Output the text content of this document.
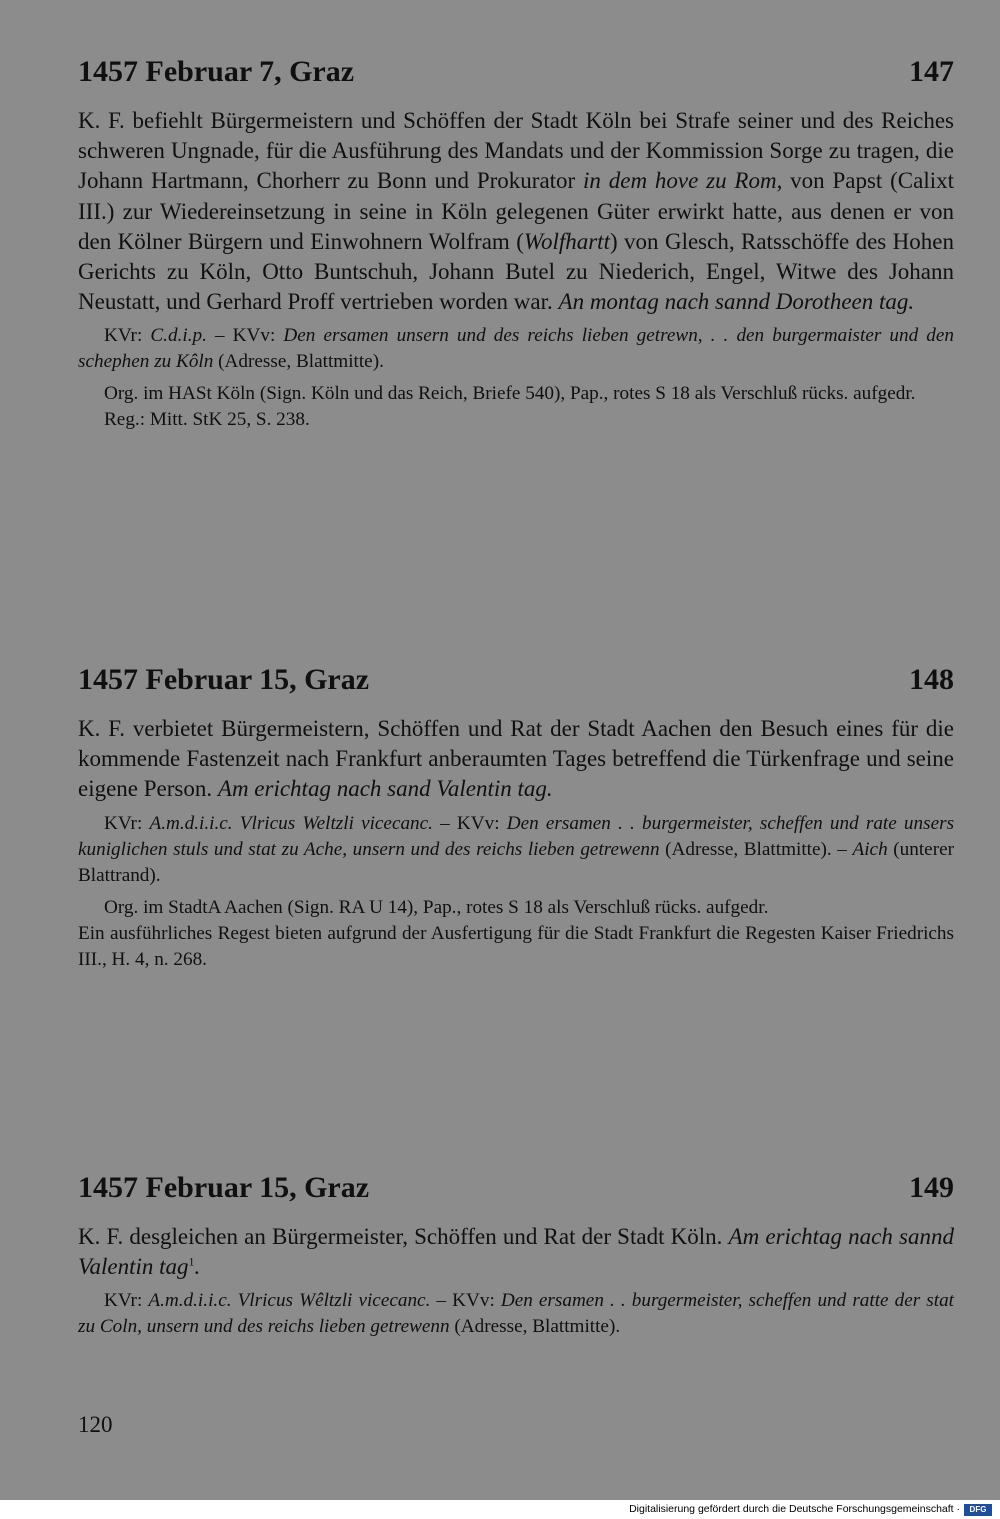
1457 Februar 7, Graz	147
K. F. befiehlt Bürgermeistern und Schöffen der Stadt Köln bei Strafe seiner und des Reiches schweren Ungnade, für die Ausführung des Mandats und der Kommission Sorge zu tragen, die Johann Hartmann, Chorherr zu Bonn und Prokurator in dem hove zu Rom, von Papst (Calixt III.) zur Wiedereinsetzung in seine in Köln gelegenen Güter erwirkt hatte, aus denen er von den Kölner Bürgern und Einwohnern Wolfram (Wolfhartt) von Glesch, Ratsschöffe des Hohen Gerichts zu Köln, Otto Buntschuh, Johann Butel zu Niederich, Engel, Witwe des Johann Neustatt, und Gerhard Proff vertrieben worden war. An montag nach sannd Dorotheen tag.
KVr: C.d.i.p. – KVv: Den ersamen unsern und des reichs lieben getrewn, . . den burgermaister und den schephen zu Kôln (Adresse, Blattmitte).
Org. im HASt Köln (Sign. Köln und das Reich, Briefe 540), Pap., rotes S 18 als Verschluß rücks. aufgedr.
Reg.: Mitt. StK 25, S. 238.
1457 Februar 15, Graz	148
K. F. verbietet Bürgermeistern, Schöffen und Rat der Stadt Aachen den Besuch eines für die kommende Fastenzeit nach Frankfurt anberaumten Tages betreffend die Türkenfrage und seine eigene Person. Am erichtag nach sand Valentin tag.
KVr: A.m.d.i.i.c. Vlricus Weltzli vicecanc. – KVv: Den ersamen . . burgermeister, scheffen und rate unsers kuniglichen stuls und stat zu Ache, unsern und des reichs lieben getrewenn (Adresse, Blattmitte). – Aich (unterer Blattrand).
Org. im StadtA Aachen (Sign. RA U 14), Pap., rotes S 18 als Verschluß rücks. aufgedr.
Ein ausführliches Regest bieten aufgrund der Ausfertigung für die Stadt Frankfurt die Regesten Kaiser Friedrichs III., H. 4, n. 268.
1457 Februar 15, Graz	149
K. F. desgleichen an Bürgermeister, Schöffen und Rat der Stadt Köln. Am erichtag nach sannd Valentin tag$^1$.
KVr: A.m.d.i.i.c. Vlricus Wêltzli vicecanc. – KVv: Den ersamen . . burgermeister, scheffen und ratte der stat zu Coln, unsern und des reichs lieben getrewenn (Adresse, Blattmitte).
120
Digitalisierung gefördert durch die Deutsche Forschungsgemeinschaft ·	DFG
